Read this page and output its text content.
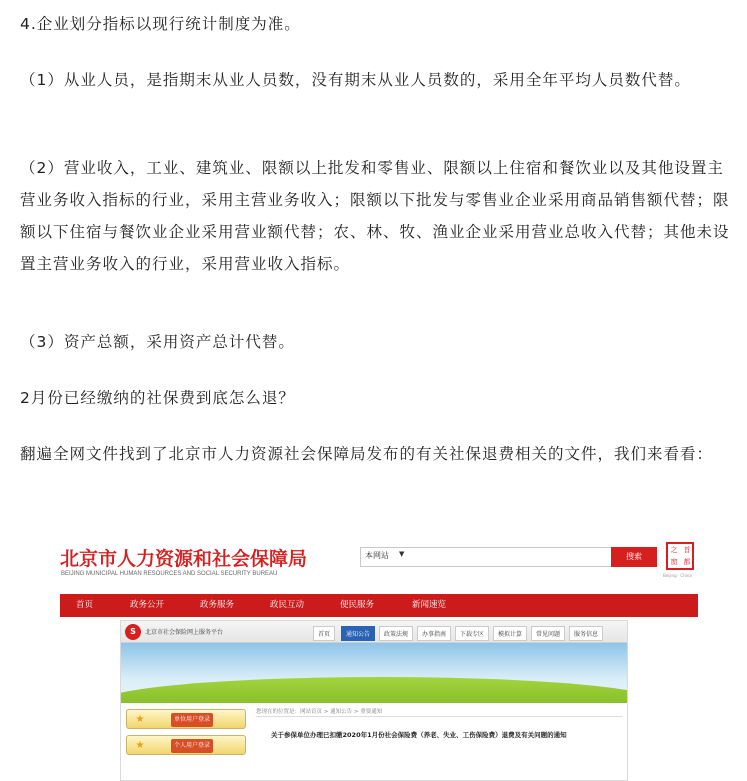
4.企业划分指标以现行统计制度为准。

（1）从业人员，是指期末从业人员数，没有期末从业人员数的，采用全年平均人员数代替。

（2）营业收入，工业、建筑业、限额以上批发和零售业、限额以上住宿和餐饮业以及其他设置主营业务收入指标的行业，采用主营业务收入；限额以下批发与零售业企业采用商品销售额代替；限额以下住宿与餐饮业企业采用营业额代替；农、林、牧、渔业企业采用营业总收入代替；其他未设置主营业务收入的行业，采用营业收入指标。

（3）资产总额，采用资产总计代替。

2月份已经缴纳的社保费到底怎么退？

翻遍全网文件找到了北京市人力资源社会保障局发布的有关社保退费相关的文件，我们来看看：

北京市人力资源和社会保障局
BEIJING MUNICIPAL HUMAN RESOURCES AND SOCIAL SECURITY BUREAU
本网站 ▼	搜索
首
都
之
窗
Beijing · China
首页	政务公开	政务服务	政民互动	便民服务	新闻速览
S	北京市社会保险网上服务平台	首页	通知公告	政策法规	办事指南	下载专区	模拟计算	常见问题	服务信息
★	单位用户登录
★	个人用户登录
您现在的位置是：网站首页 > 通知公告 > 重要通知
关于参保单位办理已扣缴2020年1月份社会保险费（养老、失业、工伤保险费）退费及有关问题的通知
